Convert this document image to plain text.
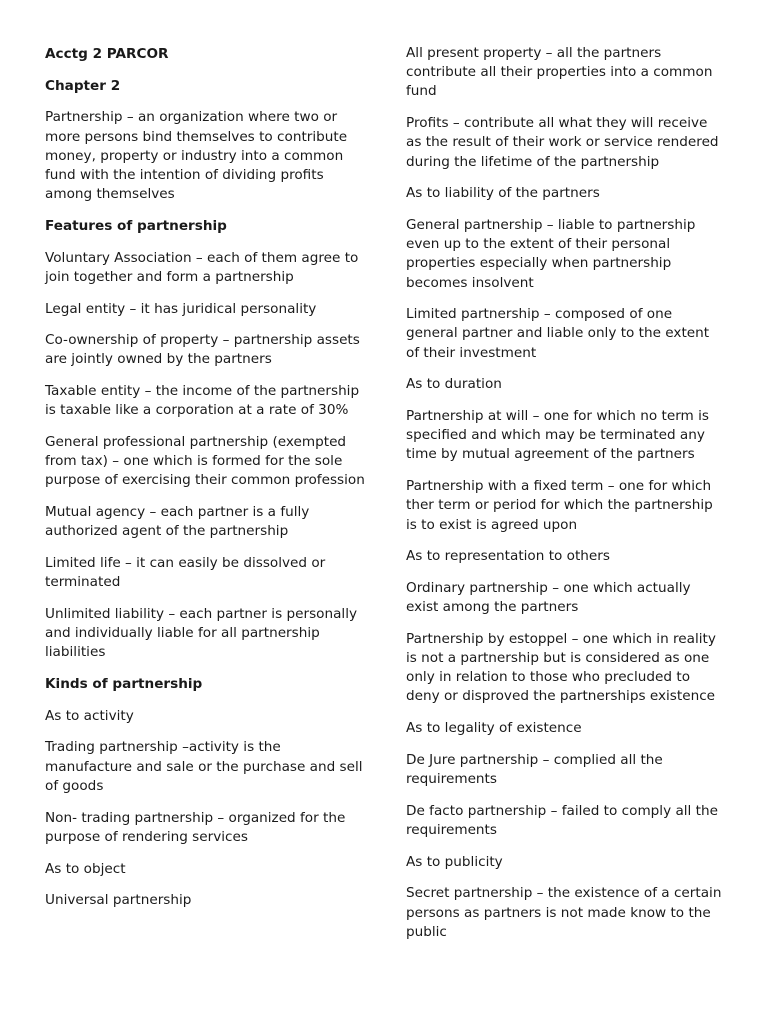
Acctg 2 PARCOR

Chapter 2

Partnership – an organization where two or more persons bind themselves to contribute money, property or industry into a common fund with the intention of dividing profits among themselves

Features of partnership

Voluntary Association – each of them agree to join together and form a partnership

Legal entity – it has juridical personality

Co-ownership of property – partnership assets are jointly owned by the partners

Taxable entity – the income of the partnership is taxable like a corporation at a rate of 30%

General professional partnership (exempted from tax) – one which is formed for the sole purpose of exercising their common profession

Mutual agency – each partner is a fully authorized agent of the partnership

Limited life – it can easily be dissolved or terminated

Unlimited liability – each partner is personally and individually liable for all partnership liabilities

Kinds of partnership

As to activity

Trading partnership –activity is the manufacture and sale or the purchase and sell of goods

Non- trading partnership – organized for the purpose of rendering services

As to object

Universal partnership

All present property – all the partners contribute all their properties into a common fund

Profits – contribute all what they will receive as the result of their work or service rendered during the lifetime of the partnership

As to liability of the partners

General partnership – liable to partnership even up to the extent of their personal properties especially when partnership becomes insolvent

Limited partnership – composed of one general partner and liable only to the extent of their investment

As to duration

Partnership at will – one for which no term is specified and which may be terminated any time by mutual agreement of the partners

Partnership with a fixed term – one for which ther term or period for which the partnership is to exist is agreed upon

As to representation to others

Ordinary partnership – one which actually exist among the partners

Partnership by estoppel – one which in reality is not a partnership but is considered as one only in relation to those who precluded to deny or disproved the partnerships existence

As to legality of existence

De Jure partnership – complied all the requirements

De facto partnership – failed to comply all the requirements

As to publicity

Secret partnership – the existence of a certain persons as partners is not made know to the public
